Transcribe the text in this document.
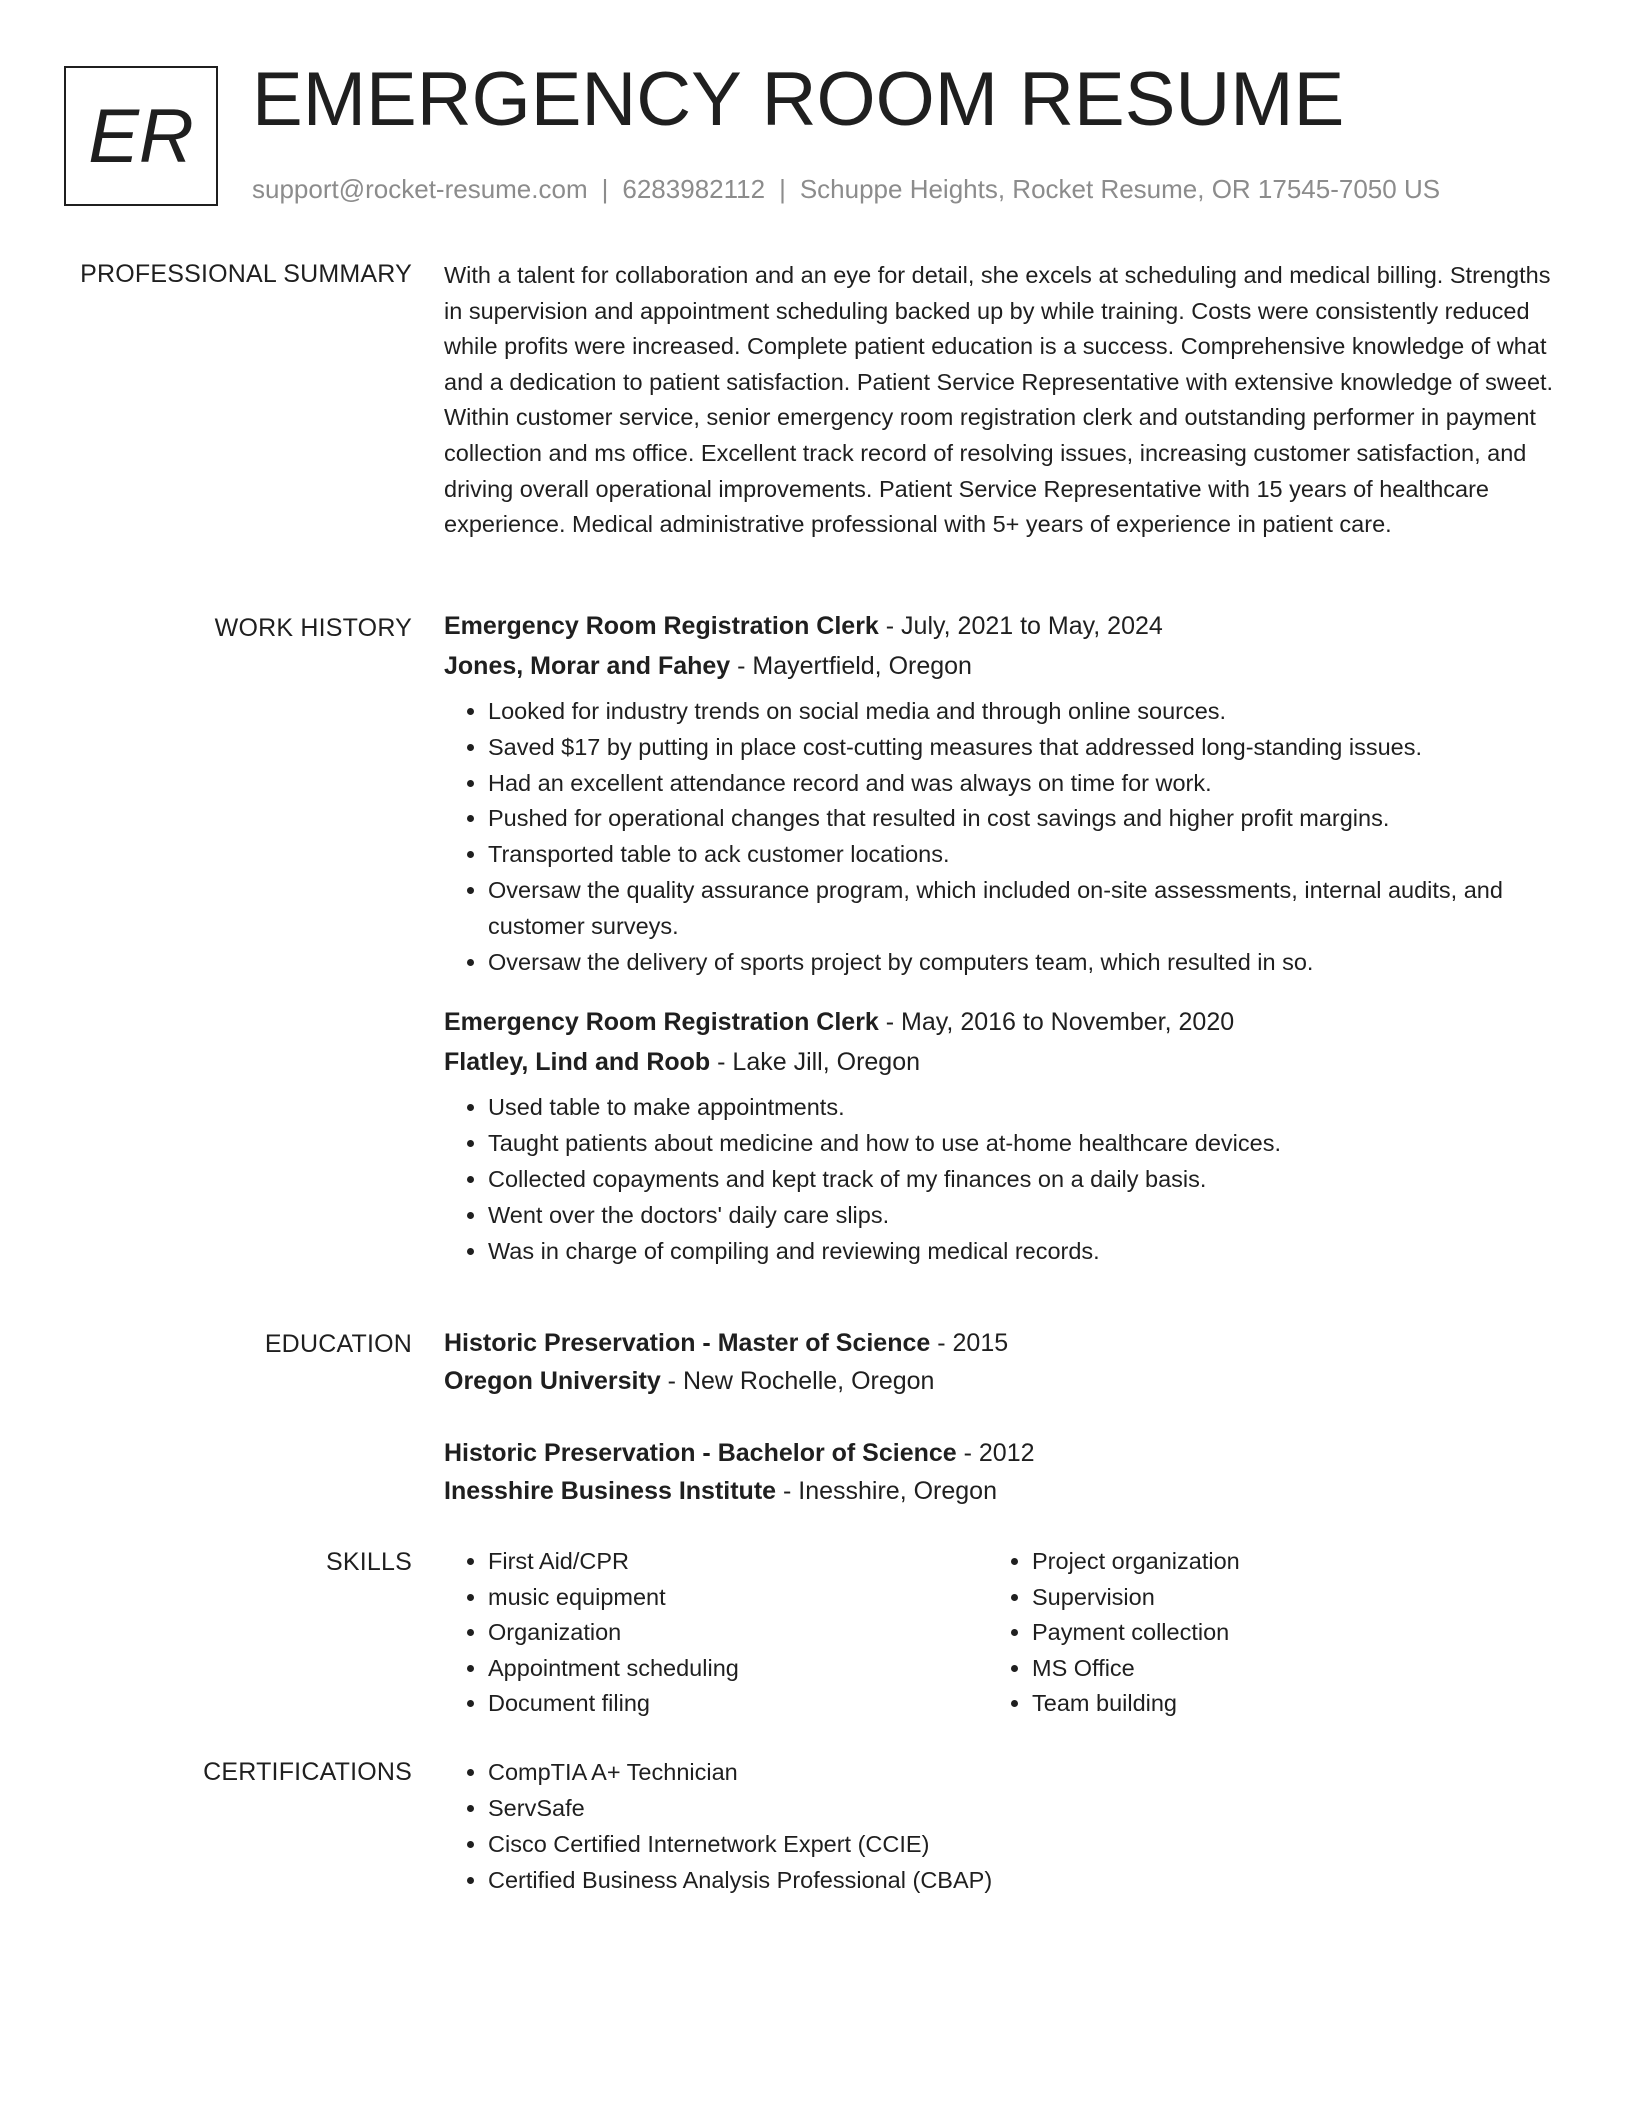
ER EMERGENCY ROOM RESUME
support@rocket-resume.com | 6283982112 | Schuppe Heights, Rocket Resume, OR 17545-7050 US
PROFESSIONAL SUMMARY With a talent for collaboration and an eye for detail, she excels at scheduling and medical billing. Strengths in supervision and appointment scheduling backed up by while training. Costs were consistently reduced while profits were increased. Complete patient education is a success. Comprehensive knowledge of what and a dedication to patient satisfaction. Patient Service Representative with extensive knowledge of sweet. Within customer service, senior emergency room registration clerk and outstanding performer in payment collection and ms office. Excellent track record of resolving issues, increasing customer satisfaction, and driving overall operational improvements. Patient Service Representative with 15 years of healthcare experience. Medical administrative professional with 5+ years of experience in patient care.

WORK HISTORY Emergency Room Registration Clerk - July, 2021 to May, 2024
Jones, Morar and Fahey - Mayertfield, Oregon
• Looked for industry trends on social media and through online sources.
• Saved $17 by putting in place cost-cutting measures that addressed long-standing issues.
• Had an excellent attendance record and was always on time for work.
• Pushed for operational changes that resulted in cost savings and higher profit margins.
• Transported table to ack customer locations.
• Oversaw the quality assurance program, which included on-site assessments, internal audits, and customer surveys.
• Oversaw the delivery of sports project by computers team, which resulted in so.
Emergency Room Registration Clerk - May, 2016 to November, 2020
Flatley, Lind and Roob - Lake Jill, Oregon
• Used table to make appointments.
• Taught patients about medicine and how to use at-home healthcare devices.
• Collected copayments and kept track of my finances on a daily basis.
• Went over the doctors' daily care slips.
• Was in charge of compiling and reviewing medical records.
EDUCATION Historic Preservation - Master of Science - 2015
Oregon University - New Rochelle, Oregon
Historic Preservation - Bachelor of Science - 2012
Inesshire Business Institute - Inesshire, Oregon
SKILLS	• First Aid/CPR
• music equipment
• Organization
• Appointment scheduling
• Document filing
• Project organization
• Supervision
• Payment collection
• MS Office
• Team building
CERTIFICATIONS	• CompTIA A+ Technician
• ServSafe
• Cisco Certified Internetwork Expert (CCIE)
• Certified Business Analysis Professional (CBAP)
